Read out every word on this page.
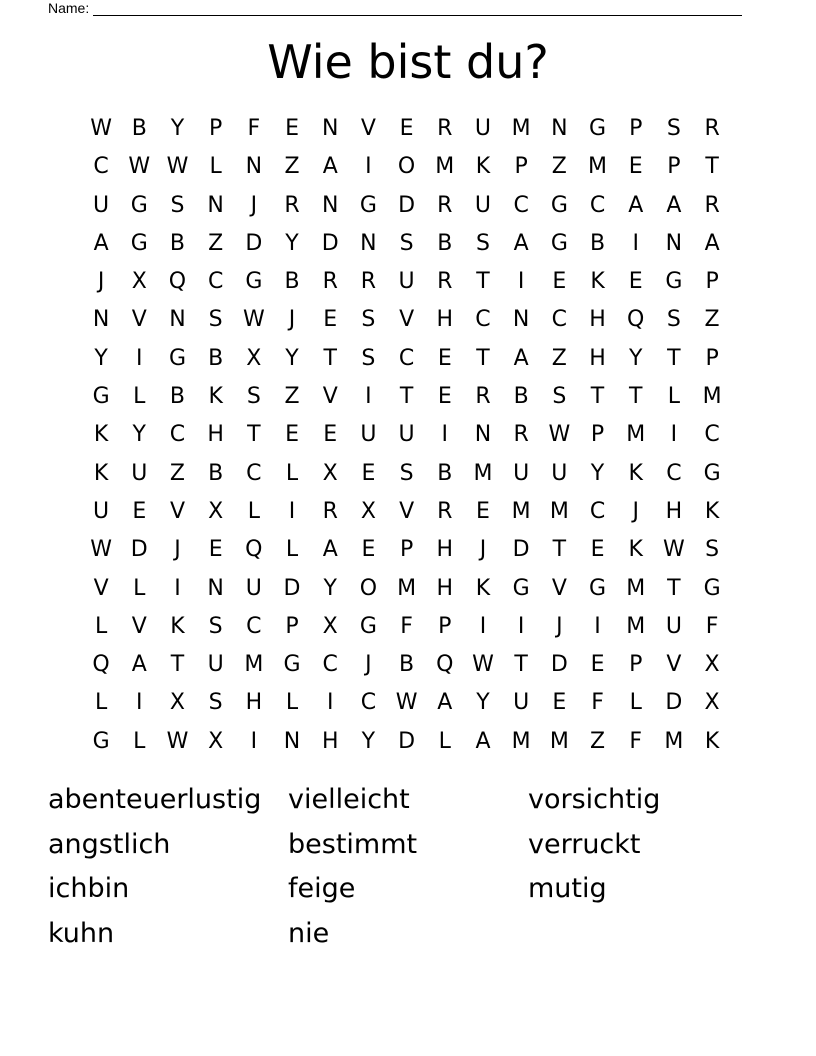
Name:
Wie bist du?
W B	Y	P	F	E	N	V	E	R	U M N G	P	S	R
C W W L	N	Z	A	I	O M K	P	Z M E	P	T
U G	S	N	J	R	N G D	R	U	C G C	A	A	R
A	G	B	Z	D	Y	D N	S	B	S	A	G	B	I	N	A
J	X Q C G	B	R	R	U	R	T	I	E	K	E	G	P
N	V	N	S W	J	E	S	V	H	C	N	C	H Q	S	Z
Y	I	G	B	X	Y	T	S	C	E	T	A	Z	H	Y	T	P
G	L	B	K	S	Z	V	I	T	E	R	B	S	T	T	L	M
K	Y	C	H	T	E	E	U	U	I	N	R W P	M	I	C
K	U	Z	B	C	L	X	E	S	B M U	U	Y	K	C G
U	E	V	X	L	I	R	X	V	R	E M M C	J	H	K
W D	J	E	Q	L	A	E	P	H	J	D	T	E	K W S
V	L	I	N U D	Y	O M H	K	G	V	G M T	G
L	V	K	S	C	P	X	G	F	P	I	I	J	I	M U	F
Q	A	T	U M G C	J	B Q W T	D	E	P	V	X
L	I	X	S	H	L	I	C W A	Y	U	E	F	L	D	X
G	L W X	I	N H	Y	D	L	A M M Z	F	M K
abenteuerlustig vielleicht	vorsichtig
angstlich	bestimmt	verruckt
ichbin	feige	mutig
kuhn	nie
